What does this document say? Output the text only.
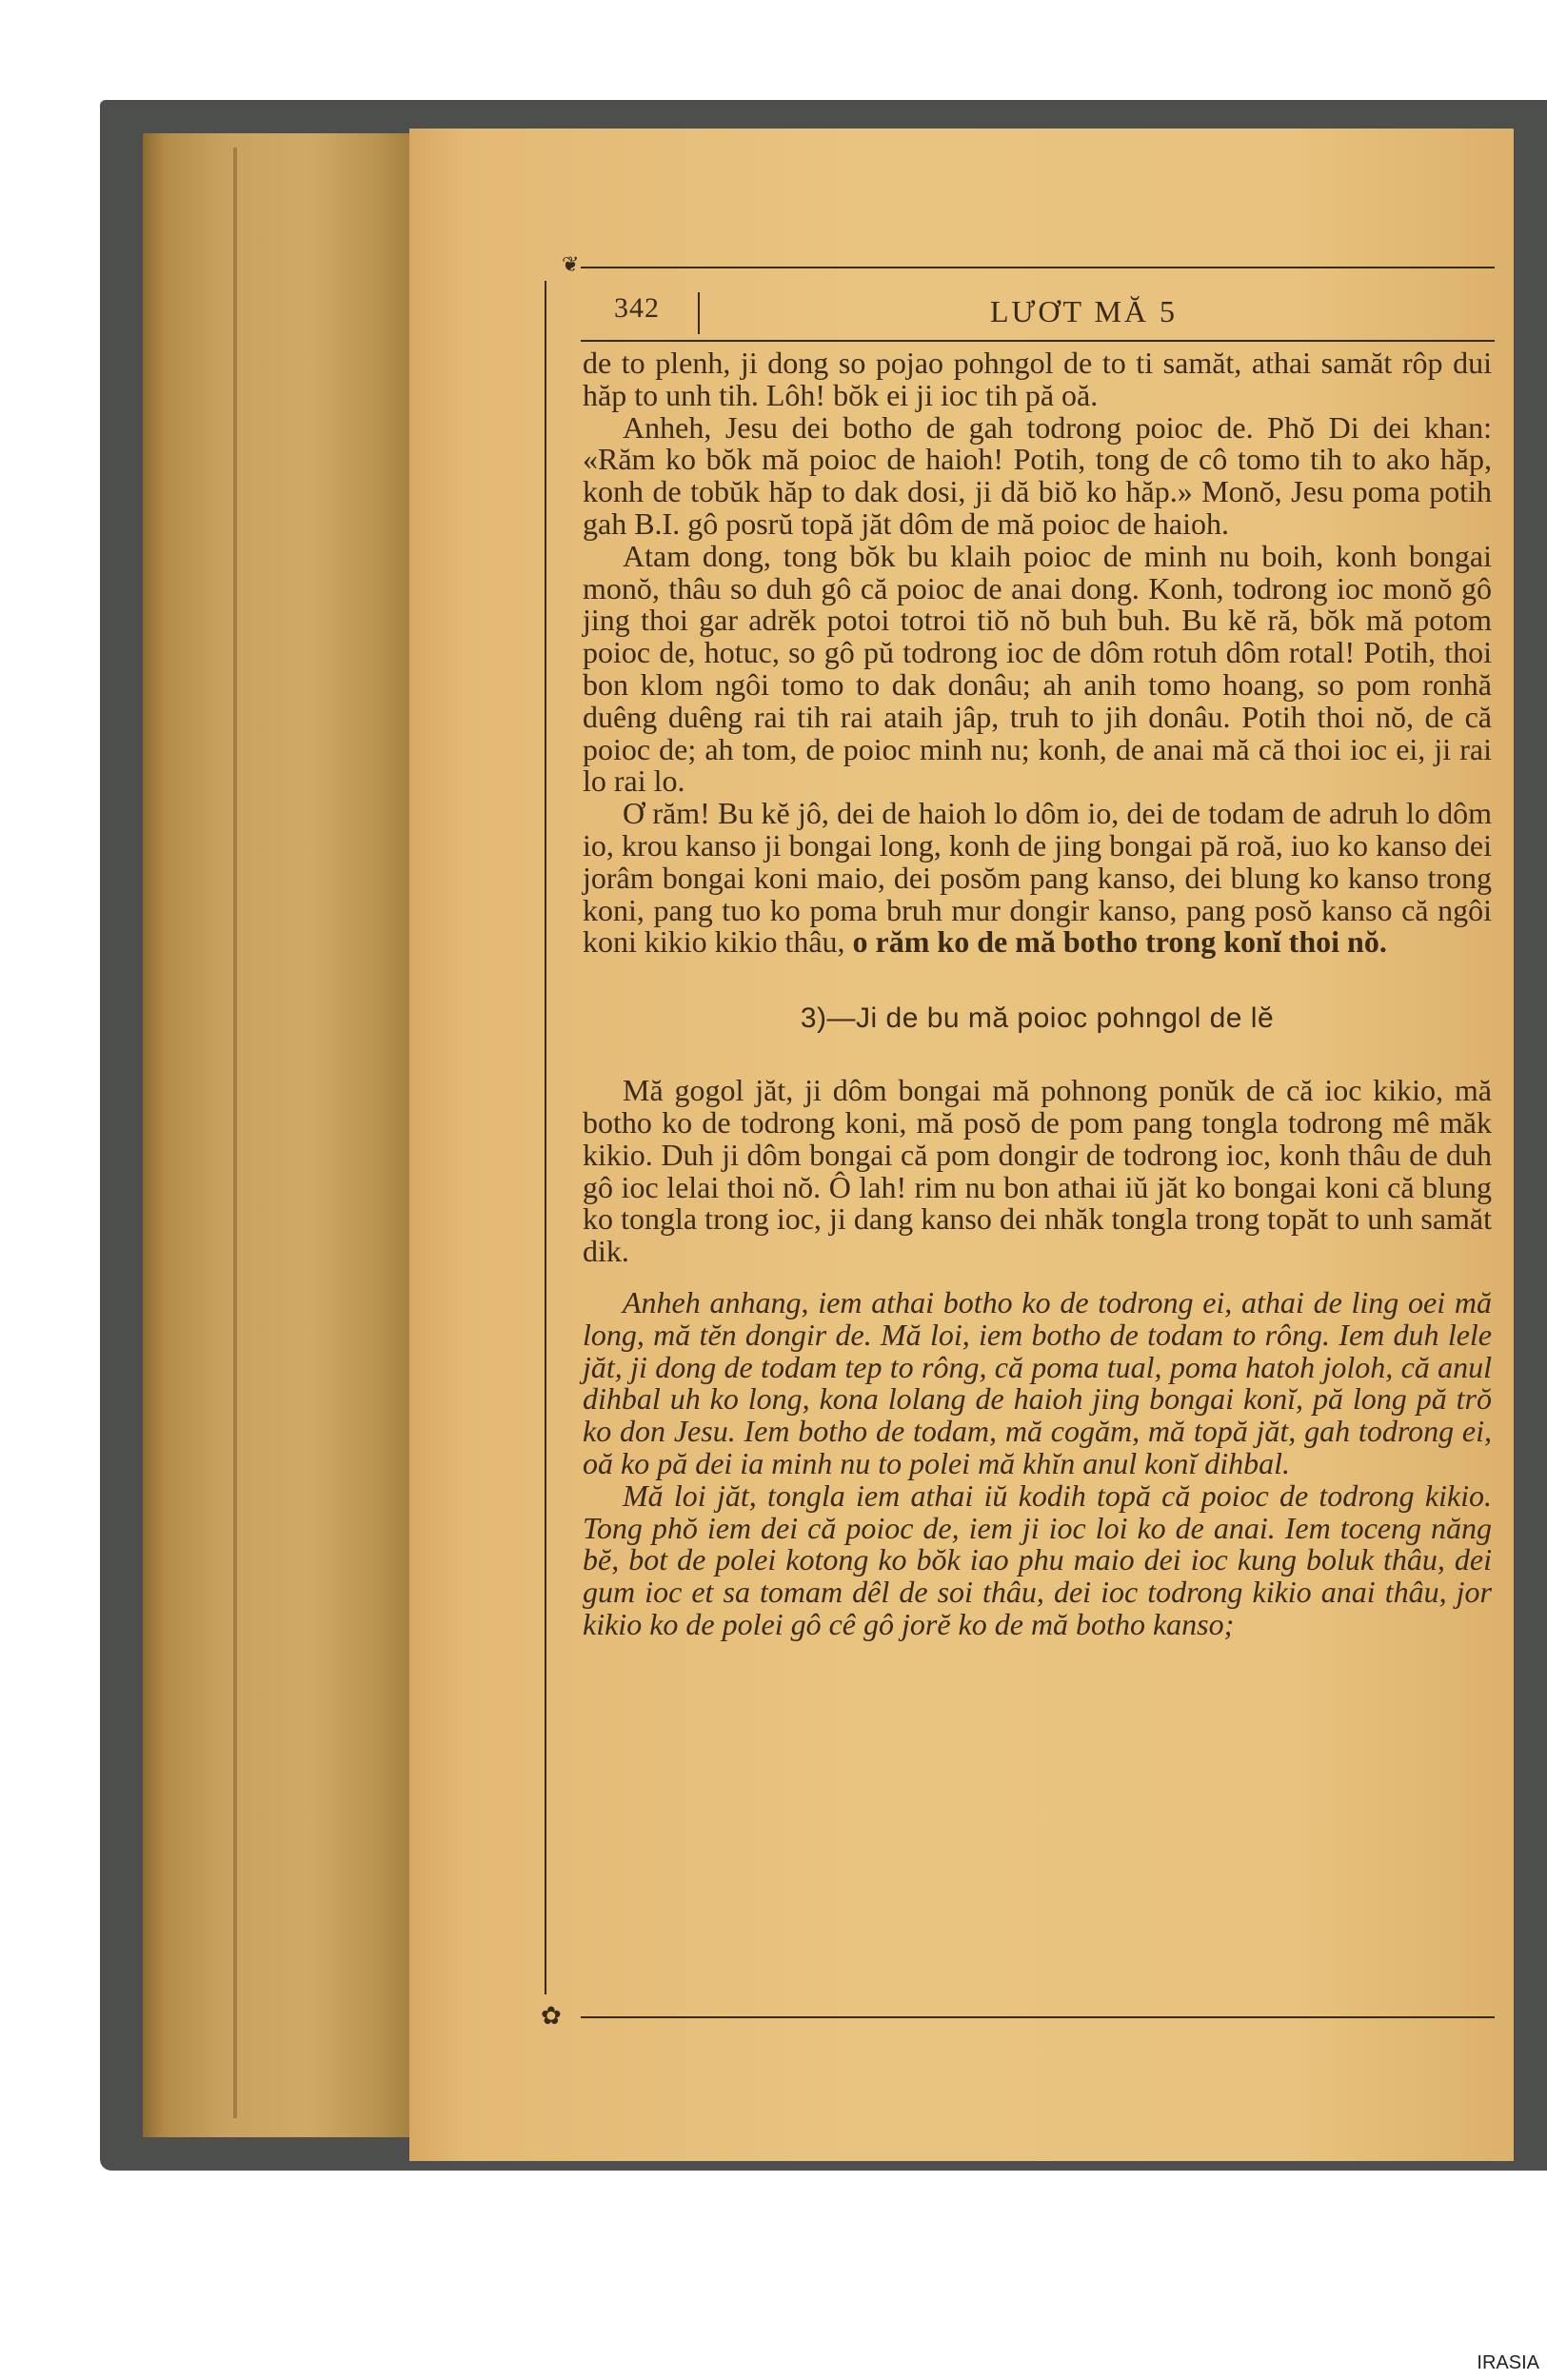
❦
342	LƯƠT MĂ 5

de to plenh, ji dong so pojao pohngol de to ti samăt, athai samăt rôp dui hăp to unh tih. Lôh! bŏk ei ji ioc tih pă oă.

Anheh, Jesu dei botho de gah todrong poioc de. Phŏ Di dei khan: «Răm ko bŏk mă poioc de haioh! Potih, tong de cô tomo tih to ako hăp, konh de tobŭk hăp to dak dosi, ji dă biŏ ko hăp.» Monŏ, Jesu poma potih gah B.I. gô posrŭ topă jăt dôm de mă poioc de haioh.

Atam dong, tong bŏk bu klaih poioc de minh nu boih, konh bongai monŏ, thâu so duh gô că poioc de anai dong. Konh, todrong ioc monŏ gô jing thoi gar adrĕk potoi totroi tiŏ nŏ buh buh. Bu kĕ ră, bŏk mă potom poioc de, hotuc, so gô pŭ todrong ioc de dôm rotuh dôm rotal! Potih, thoi bon klom ngôi tomo to dak donâu; ah anih tomo hoang, so pom ronhă duêng duêng rai tih rai ataih jâp, truh to jih donâu. Potih thoi nŏ, de că poioc de; ah tom, de poioc minh nu; konh, de anai mă că thoi ioc ei, ji rai lo rai lo.

Ơ răm! Bu kĕ jô, dei de haioh lo dôm io, dei de todam de adruh lo dôm io, krou kanso ji bongai long, konh de jing bongai pă roă, iuo ko kanso dei jorâm bongai koni maio, dei posŏm pang kanso, dei blung ko kanso trong koni, pang tuo ko poma bruh mur dongir kanso, pang posŏ kanso că ngôi koni kikio kikio thâu, o răm ko de mă botho trong konĭ thoi nŏ.

3)—Ji de bu mă poioc pohngol de lĕ

Mă gogol jăt, ji dôm bongai mă pohnong ponŭk de că ioc kikio, mă botho ko de todrong koni, mă posŏ de pom pang tongla todrong mê măk kikio. Duh ji dôm bongai că pom dongir de todrong ioc, konh thâu de duh gô ioc lelai thoi nŏ. Ô lah! rim nu bon athai iŭ jăt ko bongai koni că blung ko tongla trong ioc, ji dang kanso dei nhăk tongla trong topăt to unh samăt dik.

Anheh anhang, iem athai botho ko de todrong ei, athai de ling oei mă long, mă tĕn dongir de. Mă loi, iem botho de todam to rông. Iem duh lele jăt, ji dong de todam tep to rông, că poma tual, poma hatoh joloh, că anul dihbal uh ko long, kona lolang de haioh jing bongai konĭ, pă long pă trŏ ko don Jesu. Iem botho de todam, mă cogăm, mă topă jăt, gah todrong ei, oă ko pă dei ia minh nu to polei mă khĭn anul konĭ dihbal.

Mă loi jăt, tongla iem athai iŭ kodih topă că poioc de todrong kikio. Tong phŏ iem dei că poioc de, iem ji ioc loi ko de anai. Iem toceng năng bĕ, bot de polei kotong ko bŏk iao phu maio dei ioc kung boluk thâu, dei gum ioc et sa tomam dêl de soi thâu, dei ioc todrong kikio anai thâu, jor kikio ko de polei gô cê gô jorĕ ko de mă botho kanso;

✿
IRASIA
